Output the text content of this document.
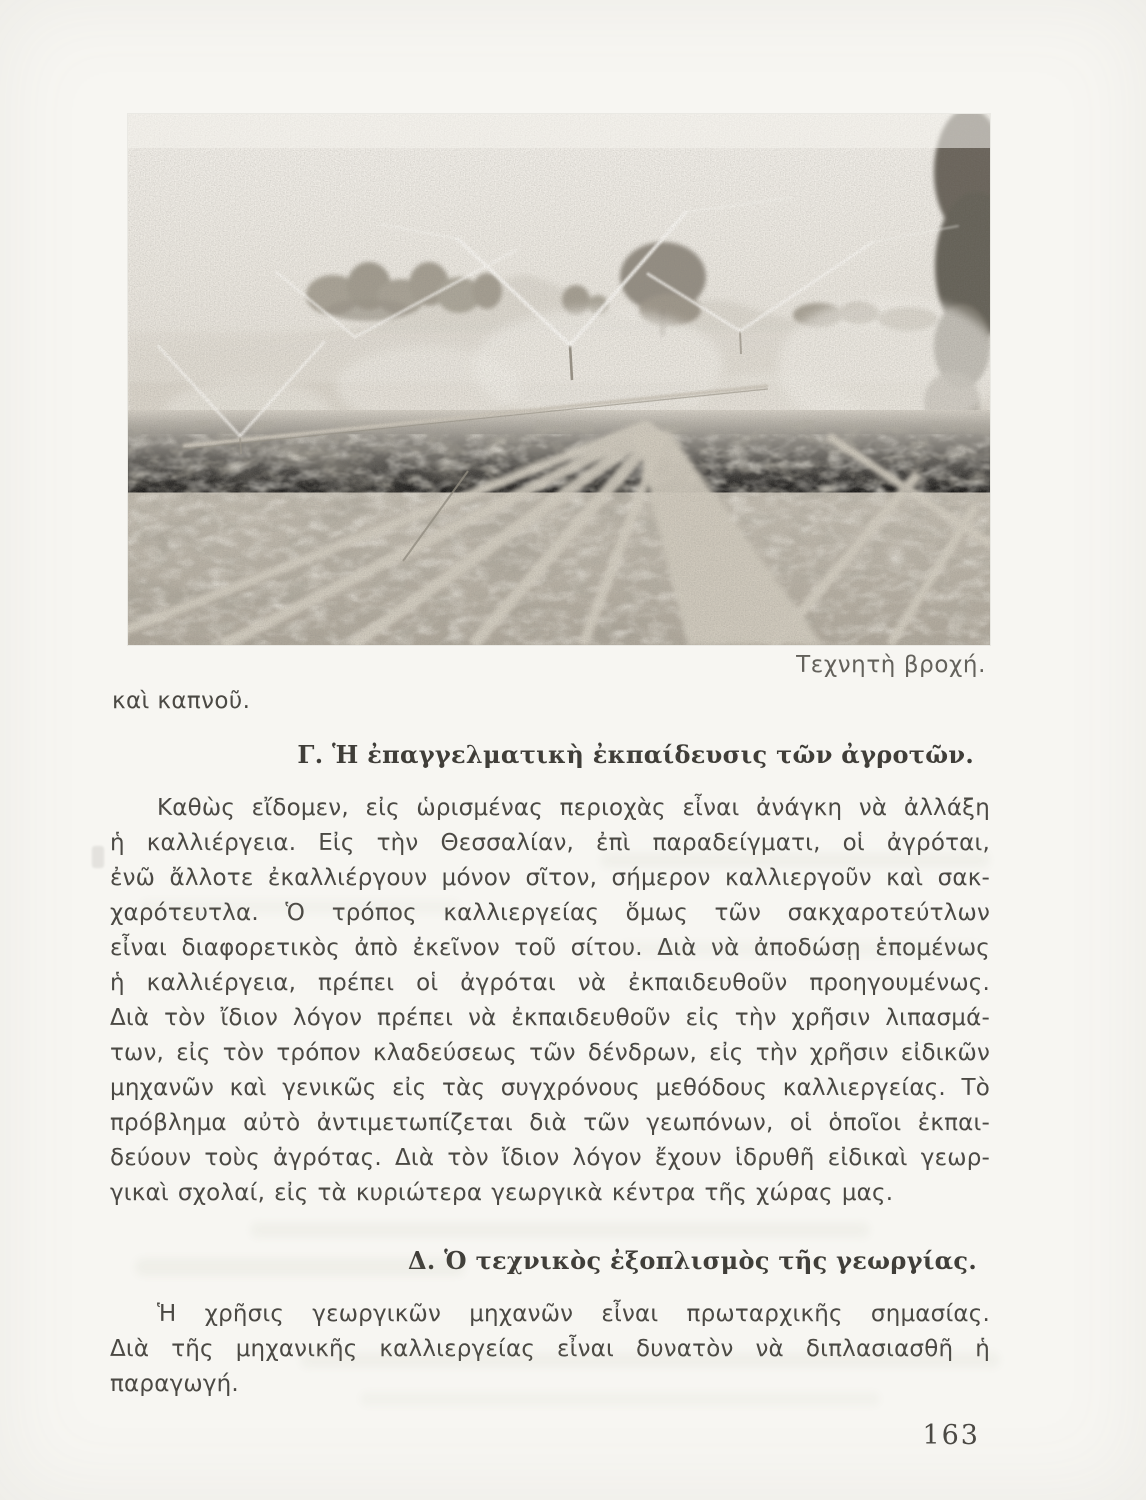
Τεχνητὴ βροχή.
καὶ καπνοῦ.
Γ. Ἡ ἐπαγγελματικὴ ἐκπαίδευσις τῶν ἀγροτῶν.
Καθὼς εἴδομεν, εἰς ὡρισμένας περιοχὰς εἶναι ἀνάγκη νὰ ἀλλάξη
ἡ καλλιέργεια. Εἰς τὴν Θεσσαλίαν, ἐπὶ παραδείγματι, οἱ ἀγρόται,
ἐνῶ ἄλλοτε ἐκαλλιέργουν μόνον σῖτον, σήμερον καλλιεργοῦν καὶ σακ-
χαρότευτλα. Ὁ τρόπος καλλιεργείας ὅμως τῶν σακχαροτεύτλων
εἶναι διαφορετικὸς ἀπὸ ἐκεῖνον τοῦ σίτου. Διὰ νὰ ἀποδώσῃ ἑπομένως
ἡ καλλιέργεια, πρέπει οἱ ἀγρόται νὰ ἐκπαιδευθοῦν προηγουμένως.
Διὰ τὸν ἴδιον λόγον πρέπει νὰ ἐκπαιδευθοῦν εἰς τὴν χρῆσιν λιπασμά-
των, εἰς τὸν τρόπον κλαδεύσεως τῶν δένδρων, εἰς τὴν χρῆσιν εἰδικῶν
μηχανῶν καὶ γενικῶς εἰς τὰς συγχρόνους μεθόδους καλλιεργείας. Τὸ
πρόβλημα αὐτὸ ἀντιμετωπίζεται διὰ τῶν γεωπόνων, οἱ ὁποῖοι ἐκπαι-
δεύουν τοὺς ἀγρότας. Διὰ τὸν ἴδιον λόγον ἔχουν ἱδρυθῆ εἰδικαὶ γεωρ-
γικαὶ σχολαί, εἰς τὰ κυριώτερα γεωργικὰ κέντρα τῆς χώρας μας.
Δ. Ὁ τεχνικὸς ἐξοπλισμὸς τῆς γεωργίας.
Ἡ χρῆσις γεωργικῶν μηχανῶν εἶναι πρωταρχικῆς σημασίας.
Διὰ τῆς μηχανικῆς καλλιεργείας εἶναι δυνατὸν νὰ διπλασιασθῆ ἡ
παραγωγή.
163
